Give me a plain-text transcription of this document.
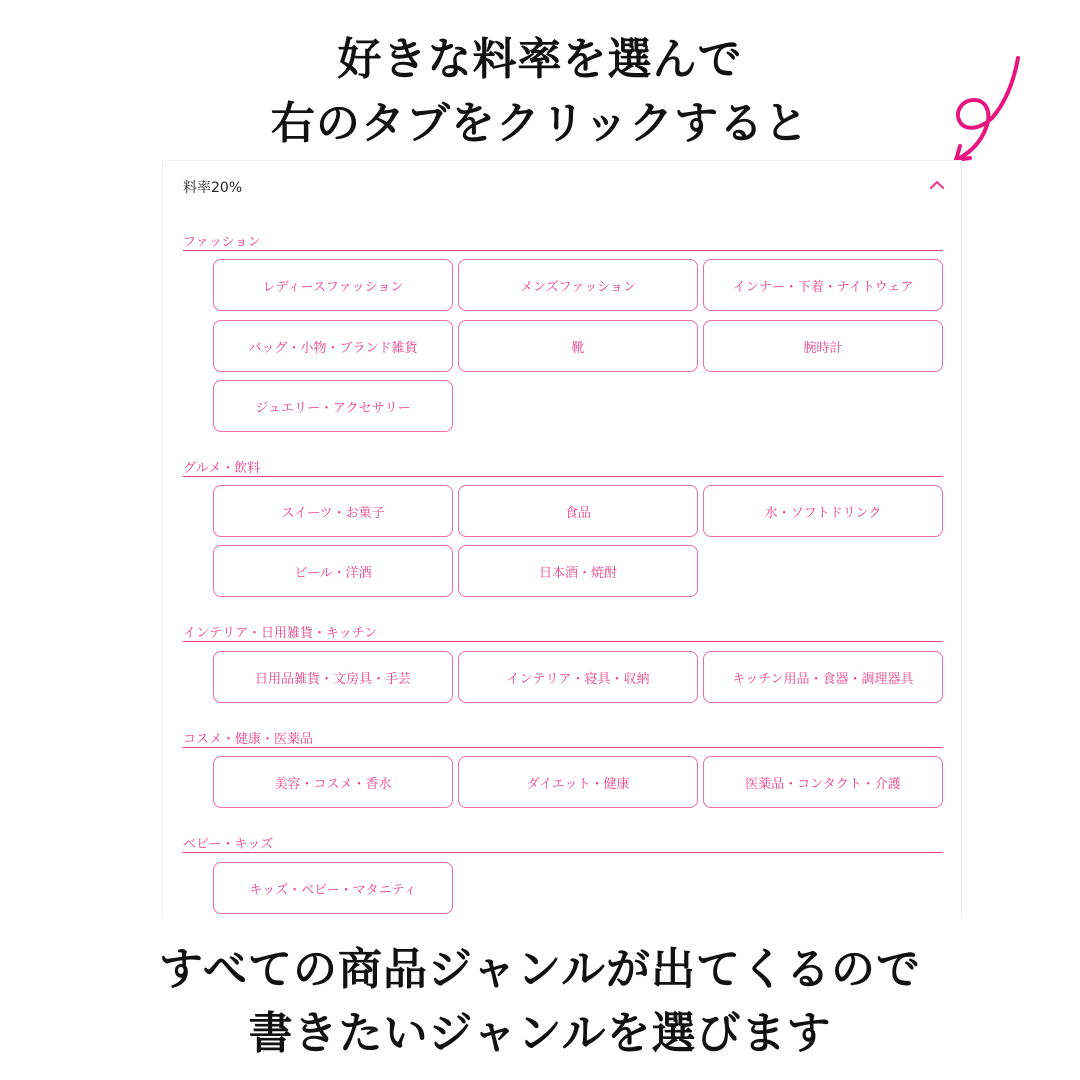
好きな料率を選んで
右のタブをクリックすると
料率20%
ファッション
レディースファッション	メンズファッション	インナー・下着・ナイトウェア
バッグ・小物・ブランド雑貨	靴	腕時計
ジュエリー・アクセサリー
グルメ・飲料
スイーツ・お菓子	食品	水・ソフトドリンク
ビール・洋酒	日本酒・焼酎
インテリア・日用雑貨・キッチン
日用品雑貨・文房具・手芸	インテリア・寝具・収納	キッチン用品・食器・調理器具
コスメ・健康・医薬品
美容・コスメ・香水	ダイエット・健康	医薬品・コンタクト・介護
ベビー・キッズ
キッズ・ベビー・マタニティ
すべての商品ジャンルが出てくるので
書きたいジャンルを選びます
